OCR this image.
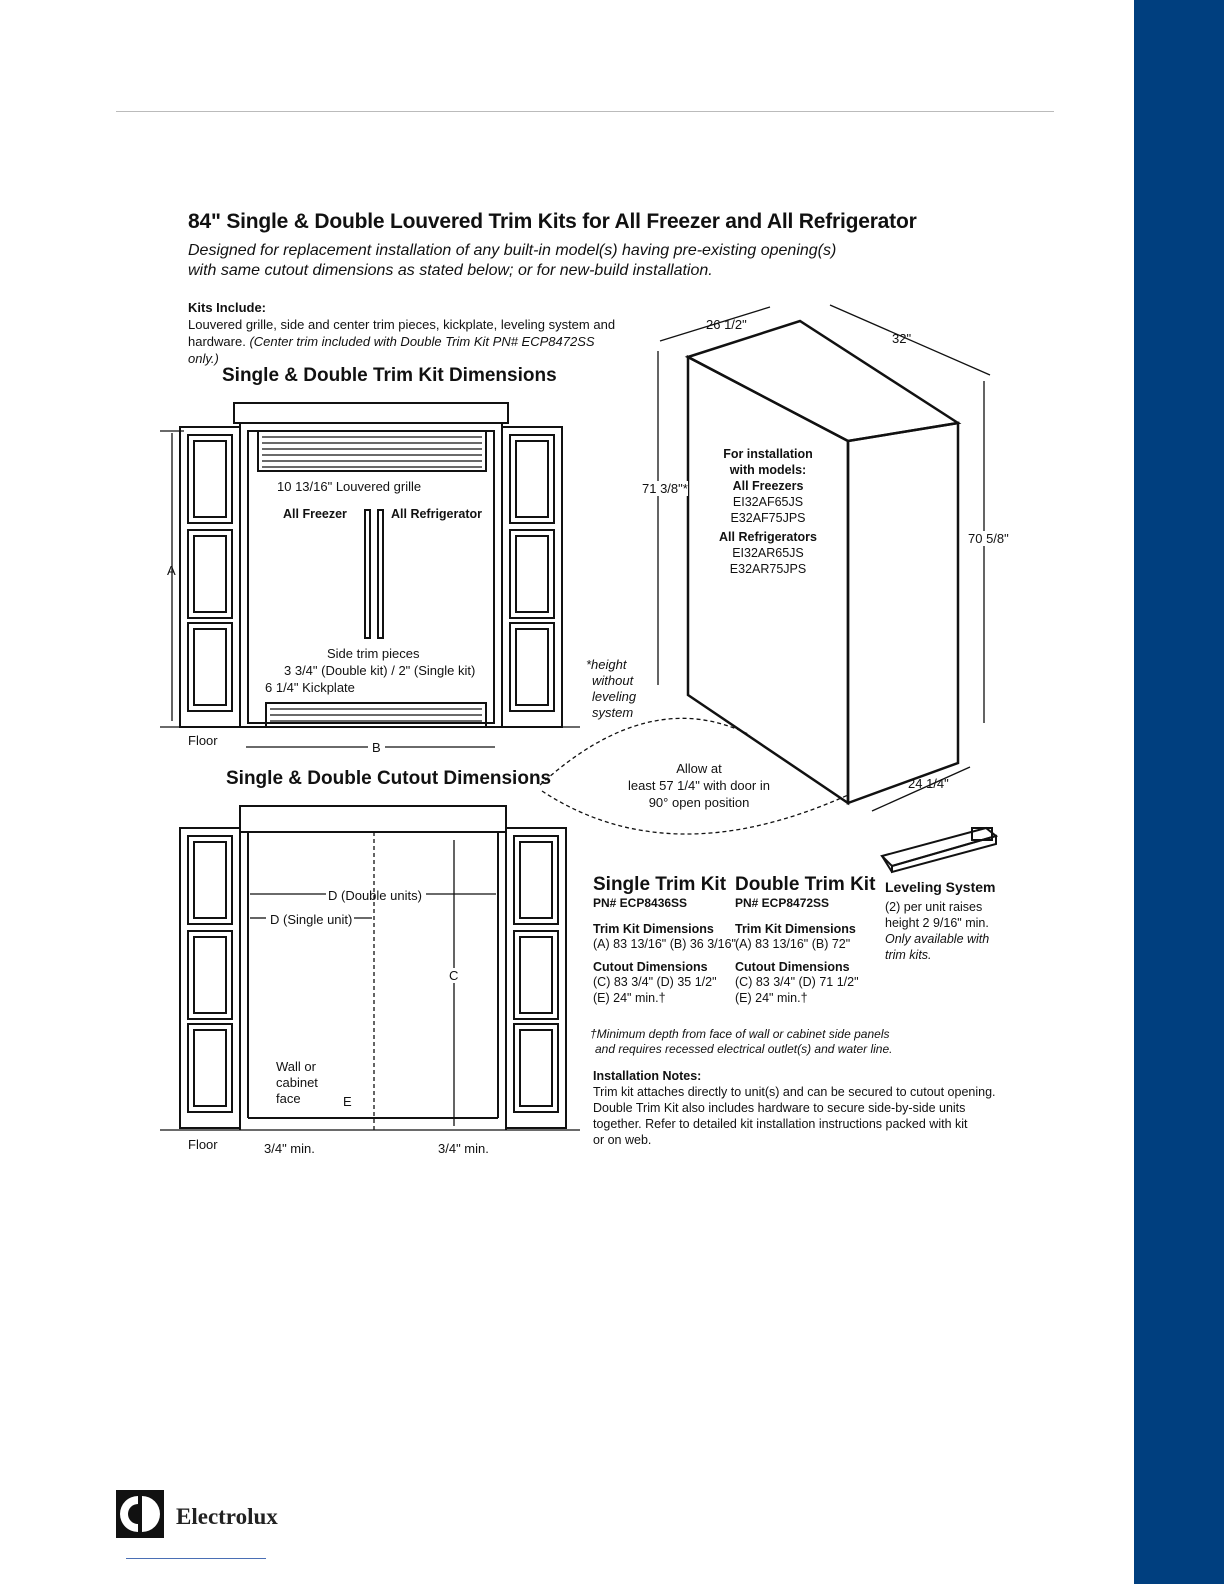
84" Single & Double Louvered Trim Kits for All Freezer and All Refrigerator
Designed for replacement installation of any built-in model(s) having pre-existing opening(s)
with same cutout dimensions as stated below; or for new-build installation.
Kits Include:
Louvered grille, side and center trim pieces, kickplate, leveling system and hardware. (Center trim included with Double Trim Kit PN# ECP8472SS only.)
Single & Double Trim Kit Dimensions
10 13/16" Louvered grille
All Freezer	All Refrigerator
Side trim pieces
3 3/4" (Double kit) / 2" (Single kit)
6 1/4" Kickplate
A
B
Floor
Single & Double Cutout Dimensions
D (Double units)
D (Single unit)
C
Wall or
cabinet
face	E
Floor	3/4" min.	3/4" min.
26 1/2"
32"
71 3/8"*
70 5/8"
24 1/4"
For installation
with models:
All Freezers
EI32AF65JS
E32AF75JPS
All Refrigerators
EI32AR65JS
E32AR75JPS
*height
without
leveling
system
Allow at
least 57 1/4" with door in
90° open position
Single Trim Kit
PN# ECP8436SS
Trim Kit Dimensions
(A) 83 13/16" (B) 36 3/16"
Cutout Dimensions
(C) 83 3/4" (D) 35 1/2"
(E) 24" min.†
Double Trim Kit
PN# ECP8472SS
Trim Kit Dimensions
(A) 83 13/16" (B) 72"
Cutout Dimensions
(C) 83 3/4" (D) 71 1/2"
(E) 24" min.†
Leveling System
(2) per unit raises
height 2 9/16" min.
Only available with
trim kits.
†Minimum depth from face of wall or cabinet side panels
and requires recessed electrical outlet(s) and water line.
Installation Notes:
Trim kit attaches directly to unit(s) and can be secured to cutout opening.
Double Trim Kit also includes hardware to secure side-by-side units
together. Refer to detailed kit installation instructions packed with kit
or on web.
Electrolux
